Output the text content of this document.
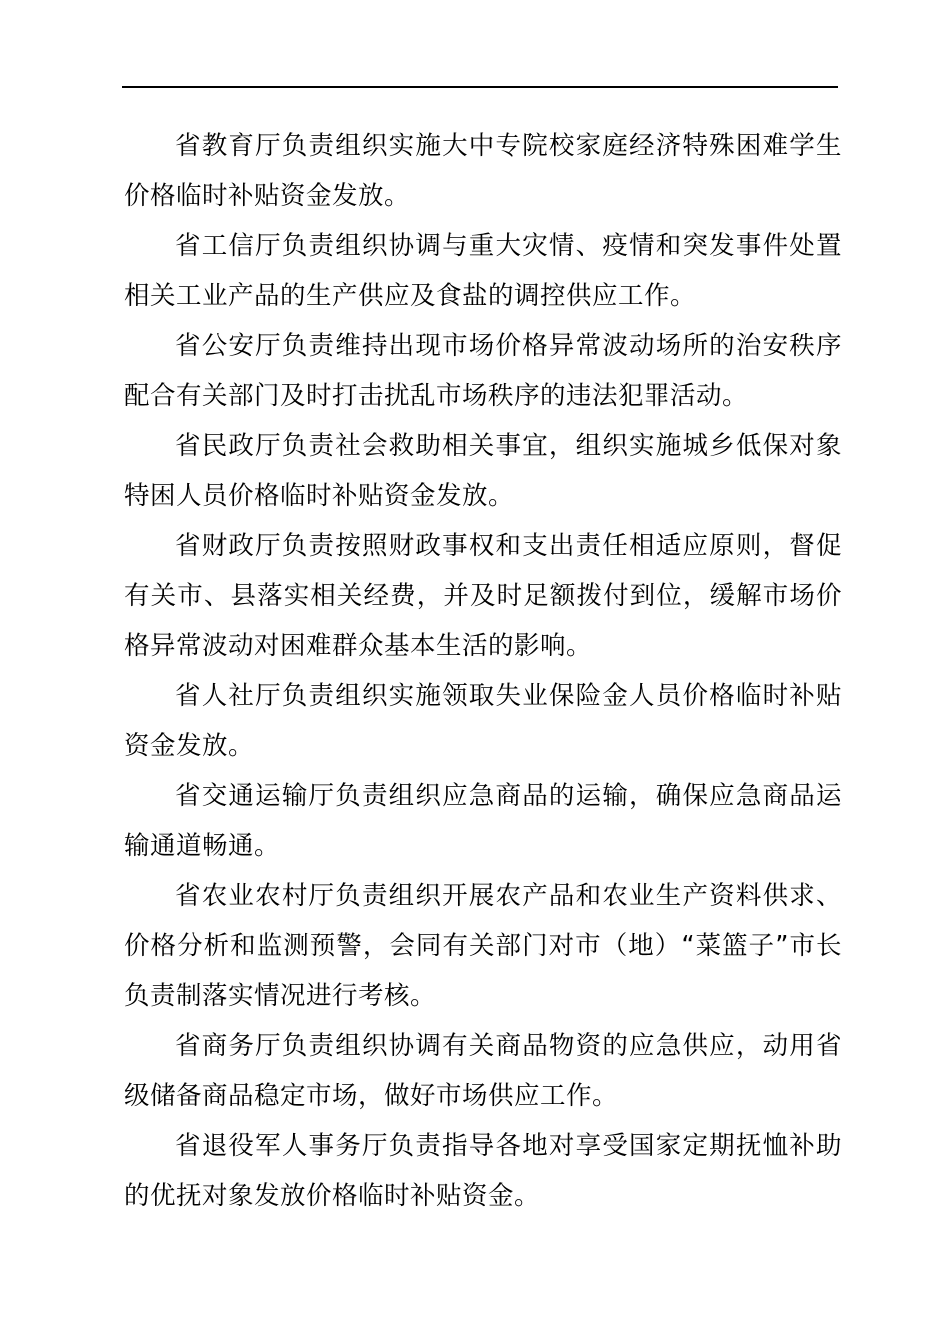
省教育厅负责组织实施大中专院校家庭经济特殊困难学生价格临时补贴资金发放。

省工信厅负责组织协调与重大灾情、疫情和突发事件处置相关工业产品的生产供应及食盐的调控供应工作。

省公安厅负责维持出现市场价格异常波动场所的治安秩序配合有关部门及时打击扰乱市场秩序的违法犯罪活动。

省民政厅负责社会救助相关事宜，组织实施城乡低保对象特困人员价格临时补贴资金发放。

省财政厅负责按照财政事权和支出责任相适应原则，督促有关市、县落实相关经费，并及时足额拨付到位，缓解市场价格异常波动对困难群众基本生活的影响。

省人社厅负责组织实施领取失业保险金人员价格临时补贴资金发放。

省交通运输厅负责组织应急商品的运输，确保应急商品运输通道畅通。

省农业农村厅负责组织开展农产品和农业生产资料供求、价格分析和监测预警，会同有关部门对市（地）“菜篮子”市长负责制落实情况进行考核。

省商务厅负责组织协调有关商品物资的应急供应，动用省级储备商品稳定市场，做好市场供应工作。

省退役军人事务厅负责指导各地对享受国家定期抚恤补助的优抚对象发放价格临时补贴资金。
